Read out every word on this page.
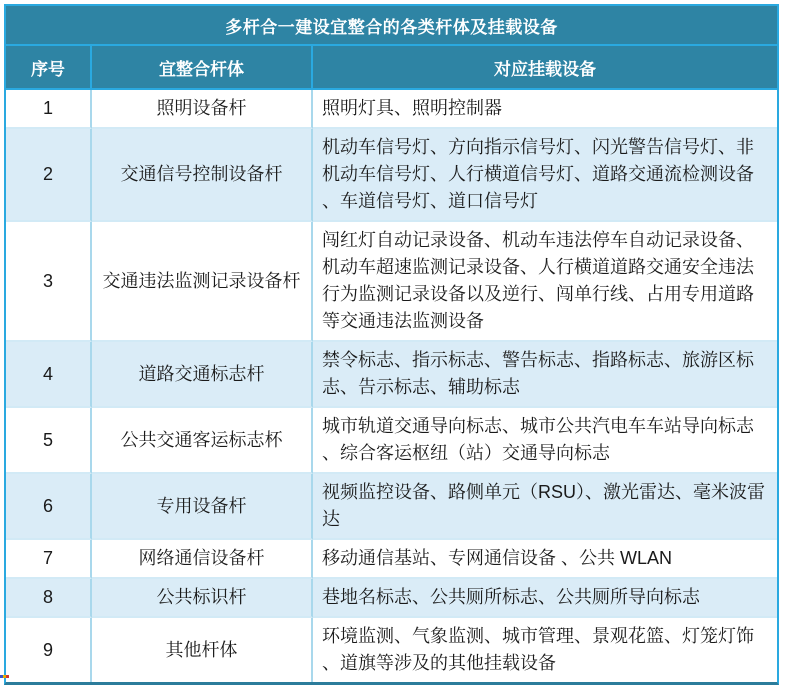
多杆合一建设宜整合的各类杆体及挂载设备		
序号	宜整合杆体	对应挂载设备
1	照明设备杆	照明灯具、照明控制器
2	交通信号控制设备杆	机动车信号灯、方向指示信号灯、闪光警告信号灯、非机动车信号灯、人行横道信号灯、道路交通流检测设备、车道信号灯、道口信号灯
3	交通违法监测记录设备杆	闯红灯自动记录设备、机动车违法停车自动记录设备、机动车超速监测记录设备、人行横道道路交通安全违法行为监测记录设备以及逆行、闯单行线、占用专用道路等交通违法监测设备
4	道路交通标志杆	禁令标志、指示标志、警告标志、指路标志、旅游区标志、告示标志、辅助标志
5	公共交通客运标志杯	城市轨道交通导向标志、城市公共汽电车车站导向标志、综合客运枢纽（站）交通导向标志
6	专用设备杆	视频监控设备、路侧单元（RSU）、激光雷达、毫米波雷达
7	网络通信设备杆	移动通信基站、专网通信设备 、公共 WLAN
8	公共标识杆	巷地名标志、公共厕所标志、公共厕所导向标志
9	其他杆体	环境监测、气象监测、城市管理、景观花篮、灯笼灯饰、道旗等涉及的其他挂载设备
